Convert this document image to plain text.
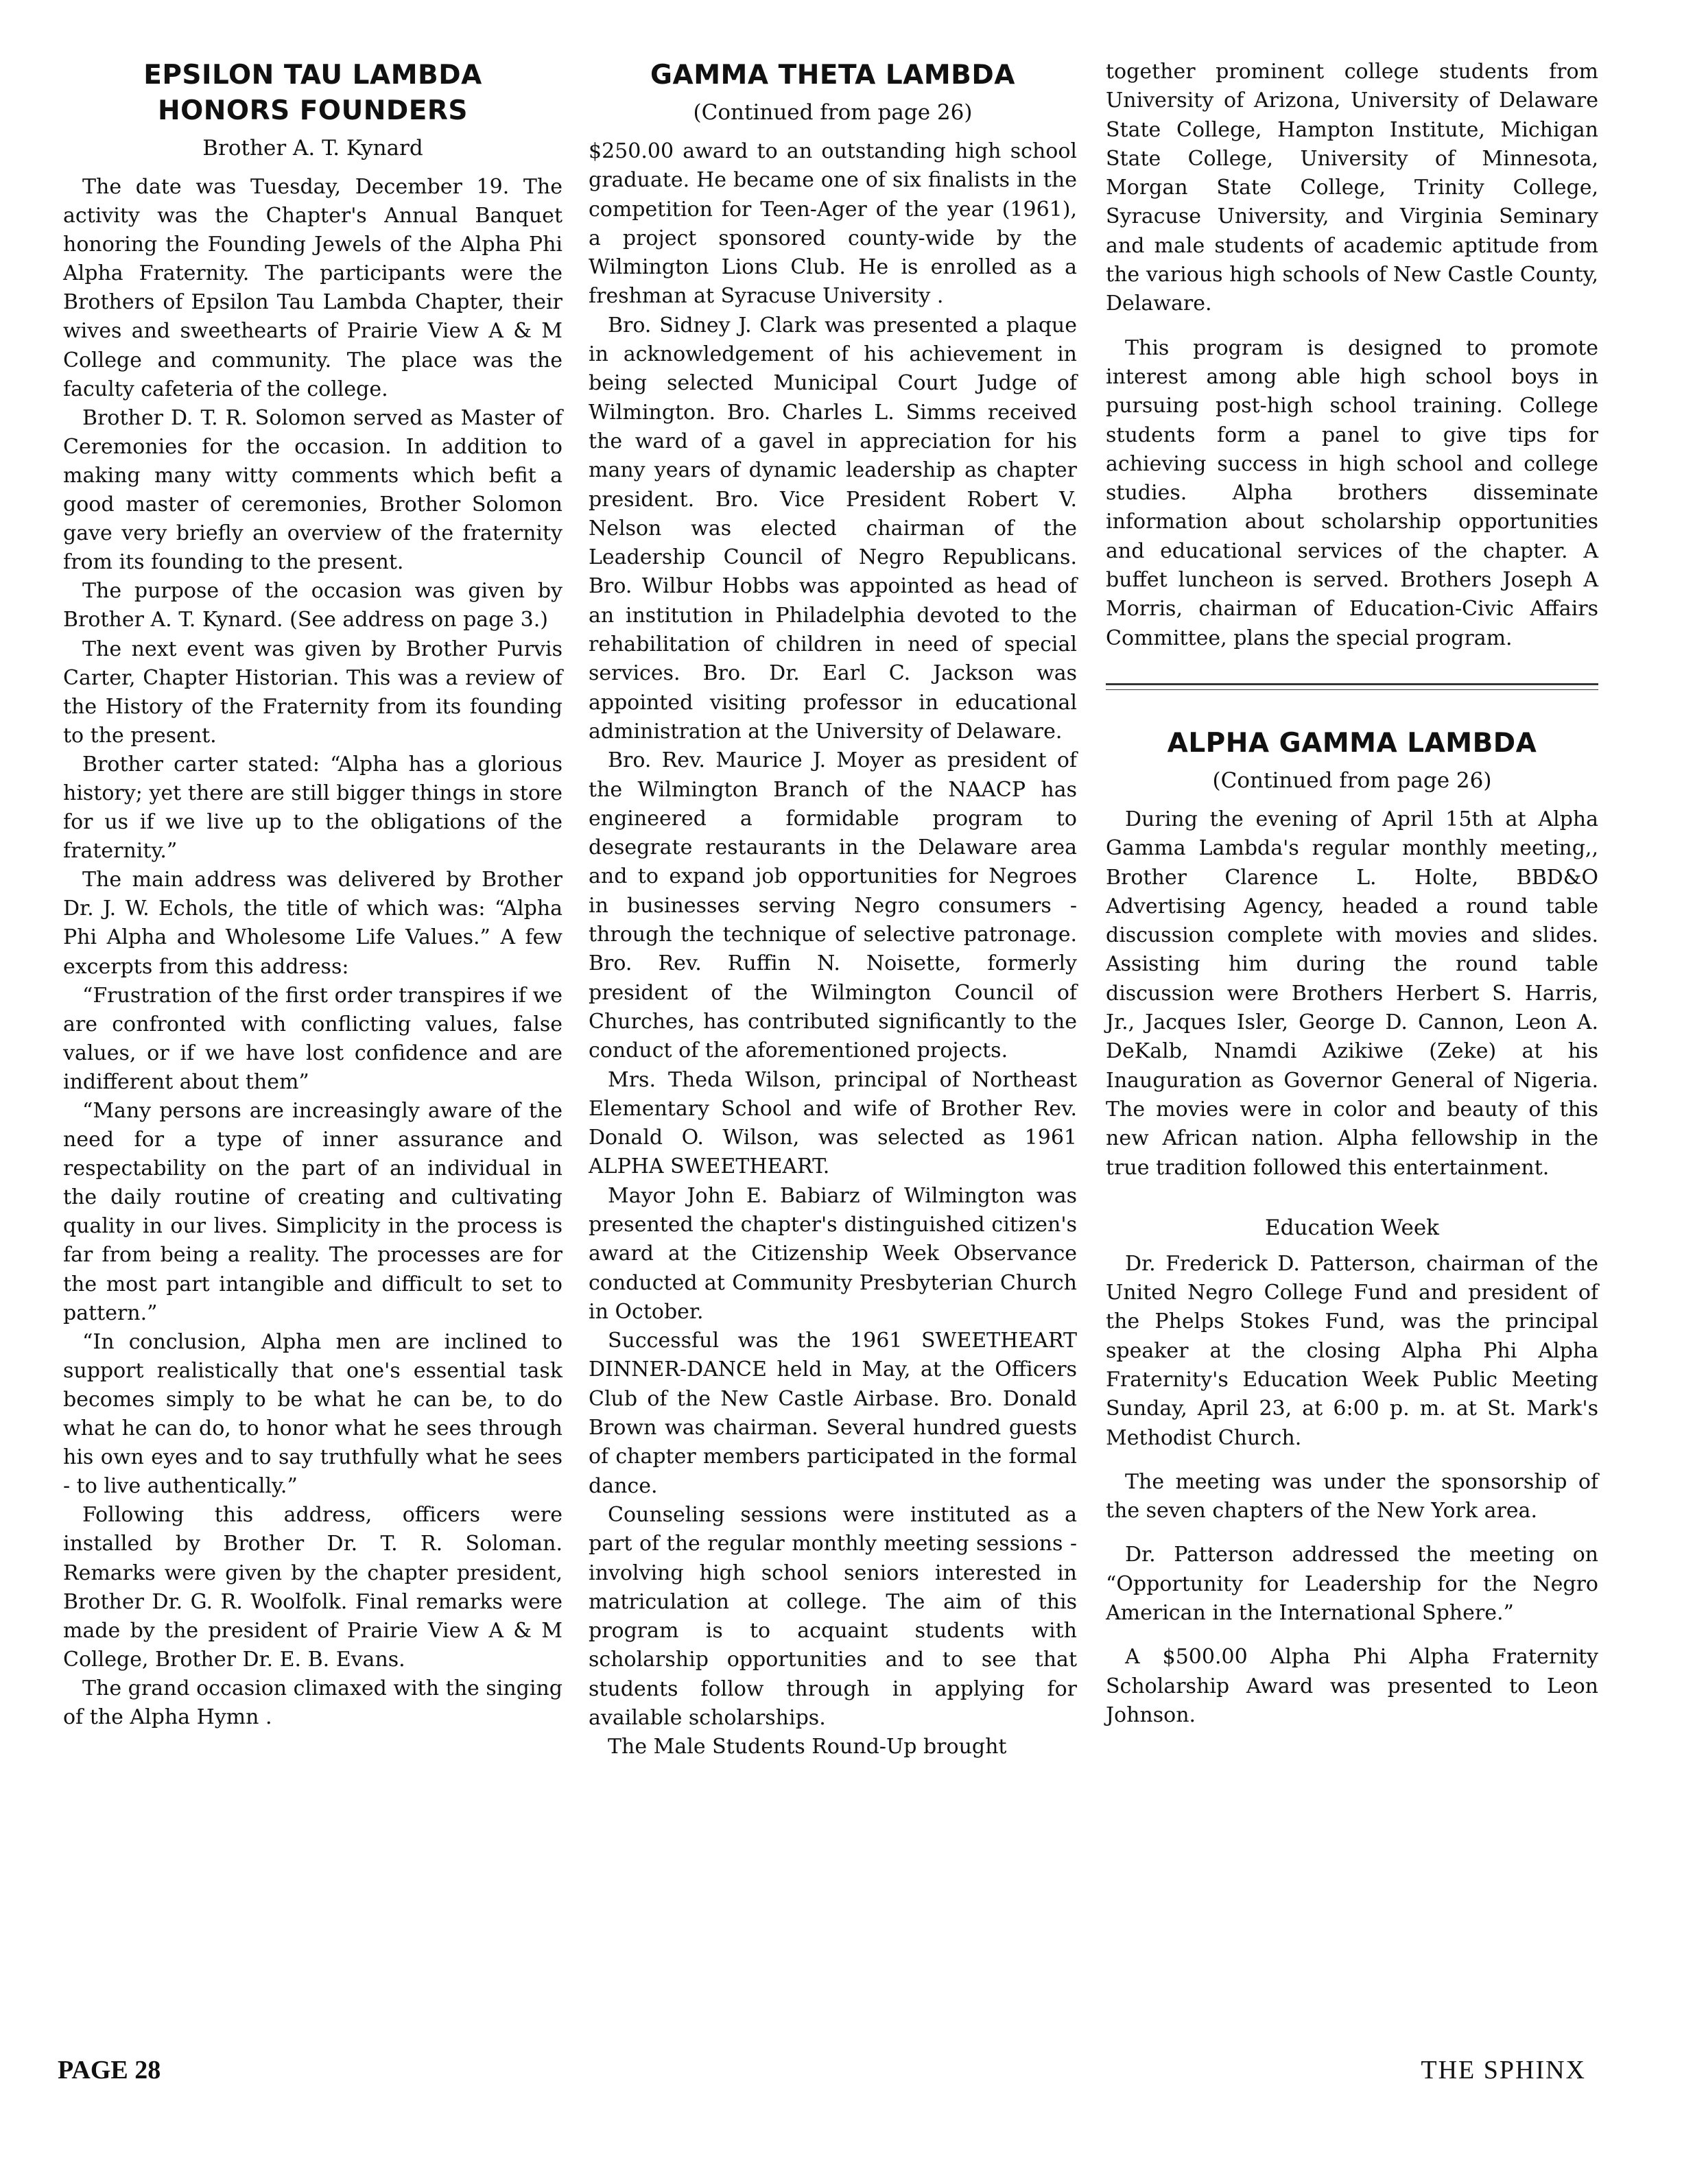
EPSILON TAU LAMBDA
HONORS FOUNDERS
Brother A. T. Kynard

The date was Tuesday, December 19. The activity was the Chapter's Annual Banquet honoring the Founding Jewels of the Alpha Phi Alpha Fraternity. The participants were the Brothers of Epsilon Tau Lambda Chapter, their wives and sweethearts of Prairie View A & M College and community. The place was the faculty cafeteria of the college.

Brother D. T. R. Solomon served as Master of Ceremonies for the occasion. In addition to making many witty comments which befit a good master of ceremonies, Brother Solomon gave very briefly an overview of the fraternity from its founding to the present.

The purpose of the occasion was given by Brother A. T. Kynard. (See address on page 3.)

The next event was given by Brother Purvis Carter, Chapter Historian. This was a review of the History of the Fraternity from its founding to the present.

Brother carter stated: “Alpha has a glorious history; yet there are still bigger things in store for us if we live up to the obligations of the fraternity.”

The main address was delivered by Brother Dr. J. W. Echols, the title of which was: “Alpha Phi Alpha and Wholesome Life Values.” A few excerpts from this address:

“Frustration of the first order transpires if we are confronted with conflicting values, false values, or if we have lost confidence and are indifferent about them”

“Many persons are increasingly aware of the need for a type of inner assurance and respectability on the part of an individual in the daily routine of creating and cultivating quality in our lives. Simplicity in the process is far from being a reality. The processes are for the most part intangible and difficult to set to pattern.”

“In conclusion, Alpha men are inclined to support realistically that one's essential task becomes simply to be what he can be, to do what he can do, to honor what he sees through his own eyes and to say truthfully what he sees - to live authentically.”

Following this address, officers were installed by Brother Dr. T. R. Soloman. Remarks were given by the chapter president, Brother Dr. G. R. Woolfolk. Final remarks were made by the president of Prairie View A & M College, Brother Dr. E. B. Evans.

The grand occasion climaxed with the singing of the Alpha Hymn .

GAMMA THETA LAMBDA
(Continued from page 26)

$250.00 award to an outstanding high school graduate. He became one of six finalists in the competition for Teen-Ager of the year (1961), a project sponsored county-wide by the Wilmington Lions Club. He is enrolled as a freshman at Syracuse University .

Bro. Sidney J. Clark was presented a plaque in acknowledgement of his achievement in being selected Municipal Court Judge of Wilmington. Bro. Charles L. Simms received the ward of a gavel in appreciation for his many years of dynamic leadership as chapter president. Bro. Vice President Robert V. Nelson was elected chairman of the Leadership Council of Negro Republicans. Bro. Wilbur Hobbs was appointed as head of an institution in Philadelphia devoted to the rehabilitation of children in need of special services. Bro. Dr. Earl C. Jackson was appointed visiting professor in educational administration at the University of Delaware.

Bro. Rev. Maurice J. Moyer as president of the Wilmington Branch of the NAACP has engineered a formidable program to desegrate restaurants in the Delaware area and to expand job opportunities for Negroes in businesses serving Negro consumers - through the technique of selective patronage. Bro. Rev. Ruffin N. Noisette, formerly president of the Wilmington Council of Churches, has contributed significantly to the conduct of the aforementioned projects.

Mrs. Theda Wilson, principal of Northeast Elementary School and wife of Brother Rev. Donald O. Wilson, was selected as 1961 ALPHA SWEETHEART.

Mayor John E. Babiarz of Wilmington was presented the chapter's distinguished citizen's award at the Citizenship Week Observance conducted at Community Presbyterian Church in October.

Successful was the 1961 SWEETHEART DINNER-DANCE held in May, at the Officers Club of the New Castle Airbase. Bro. Donald Brown was chairman. Several hundred guests of chapter members participated in the formal dance.

Counseling sessions were instituted as a part of the regular monthly meeting sessions - involving high school seniors interested in matriculation at college. The aim of this program is to acquaint students with scholarship opportunities and to see that students follow through in applying for available scholarships.

The Male Students Round-Up brought

together prominent college students from University of Arizona, University of Delaware State College, Hampton Institute, Michigan State College, University of Minnesota, Morgan State College, Trinity College, Syracuse University, and Virginia Seminary and male students of academic aptitude from the various high schools of New Castle County, Delaware.

This program is designed to promote interest among able high school boys in pursuing post-high school training. College students form a panel to give tips for achieving success in high school and college studies. Alpha brothers disseminate information about scholarship opportunities and educational services of the chapter. A buffet luncheon is served. Brothers Joseph A Morris, chairman of Education-Civic Affairs Committee, plans the special program.

ALPHA GAMMA LAMBDA
(Continued from page 26)

During the evening of April 15th at Alpha Gamma Lambda's regular monthly meeting,, Brother Clarence L. Holte, BBD&O Advertising Agency, headed a round table discussion complete with movies and slides. Assisting him during the round table discussion were Brothers Herbert S. Harris, Jr., Jacques Isler, George D. Cannon, Leon A. DeKalb, Nnamdi Azikiwe (Zeke) at his Inauguration as Governor General of Nigeria. The movies were in color and beauty of this new African nation. Alpha fellowship in the true tradition followed this entertainment.

Education Week

Dr. Frederick D. Patterson, chairman of the United Negro College Fund and president of the Phelps Stokes Fund, was the principal speaker at the closing Alpha Phi Alpha Fraternity's Education Week Public Meeting Sunday, April 23, at 6:00 p. m. at St. Mark's Methodist Church.

The meeting was under the sponsorship of the seven chapters of the New York area.

Dr. Patterson addressed the meeting on “Opportunity for Leadership for the Negro American in the International Sphere.”

A $500.00 Alpha Phi Alpha Fraternity Scholarship Award was presented to Leon Johnson.

PAGE 28	THE SPHINX
